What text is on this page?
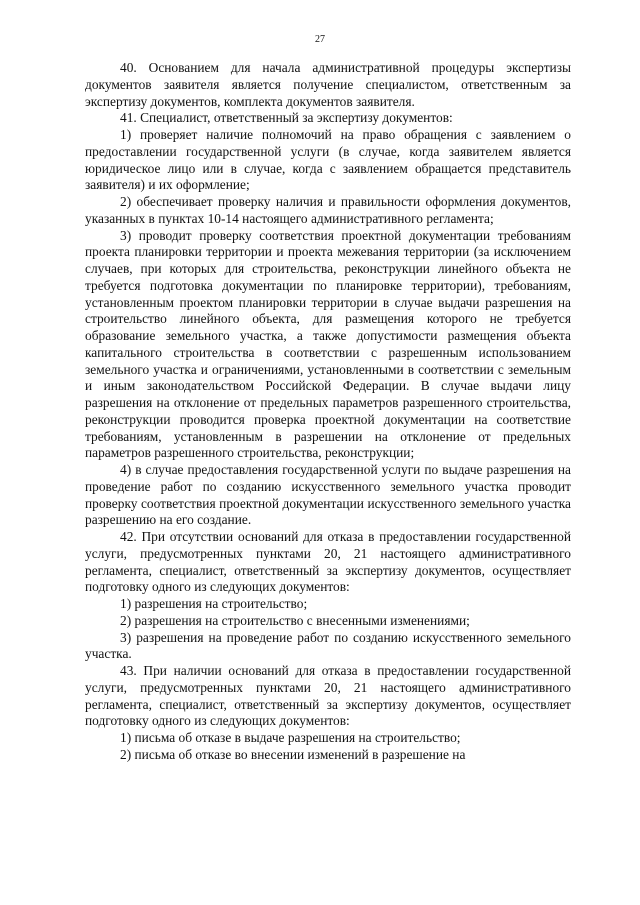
27

40. Основанием для начала административной процедуры экспертизы документов заявителя является получение специалистом, ответственным за экспертизу документов, комплекта документов заявителя.

41. Специалист, ответственный за экспертизу документов:

1) проверяет наличие полномочий на право обращения с заявлением о предоставлении государственной услуги (в случае, когда заявителем является юридическое лицо или в случае, когда с заявлением обращается представитель заявителя) и их оформление;

2) обеспечивает проверку наличия и правильности оформления документов, указанных в пунктах 10-14 настоящего административного регламента;

3) проводит проверку соответствия проектной документации требованиям проекта планировки территории и проекта межевания территории (за исключением случаев, при которых для строительства, реконструкции линейного объекта не требуется подготовка документации по планировке территории), требованиям, установленным проектом планировки территории в случае выдачи разрешения на строительство линейного объекта, для размещения которого не требуется образование земельного участка, а также допустимости размещения объекта капитального строительства в соответствии с разрешенным использованием земельного участка и ограничениями, установленными в соответствии с земельным и иным законодательством Российской Федерации. В случае выдачи лицу разрешения на отклонение от предельных параметров разрешенного строительства, реконструкции проводится проверка проектной документации на соответствие требованиям, установленным в разрешении на отклонение от предельных параметров разрешенного строительства, реконструкции;

4) в случае предоставления государственной услуги по выдаче разрешения на проведение работ по созданию искусственного земельного участка проводит проверку соответствия проектной документации искусственного земельного участка разрешению на его создание.

42. При отсутствии оснований для отказа в предоставлении государственной услуги, предусмотренных пунктами 20, 21 настоящего административного регламента, специалист, ответственный за экспертизу документов, осуществляет подготовку одного из следующих документов:

1) разрешения на строительство;

2) разрешения на строительство с внесенными изменениями;

3) разрешения на проведение работ по созданию искусственного земельного участка.

43. При наличии оснований для отказа в предоставлении государственной услуги, предусмотренных пунктами 20, 21 настоящего административного регламента, специалист, ответственный за экспертизу документов, осуществляет подготовку одного из следующих документов:

1) письма об отказе в выдаче разрешения на строительство;

2) письма об отказе во внесении изменений в разрешение на
